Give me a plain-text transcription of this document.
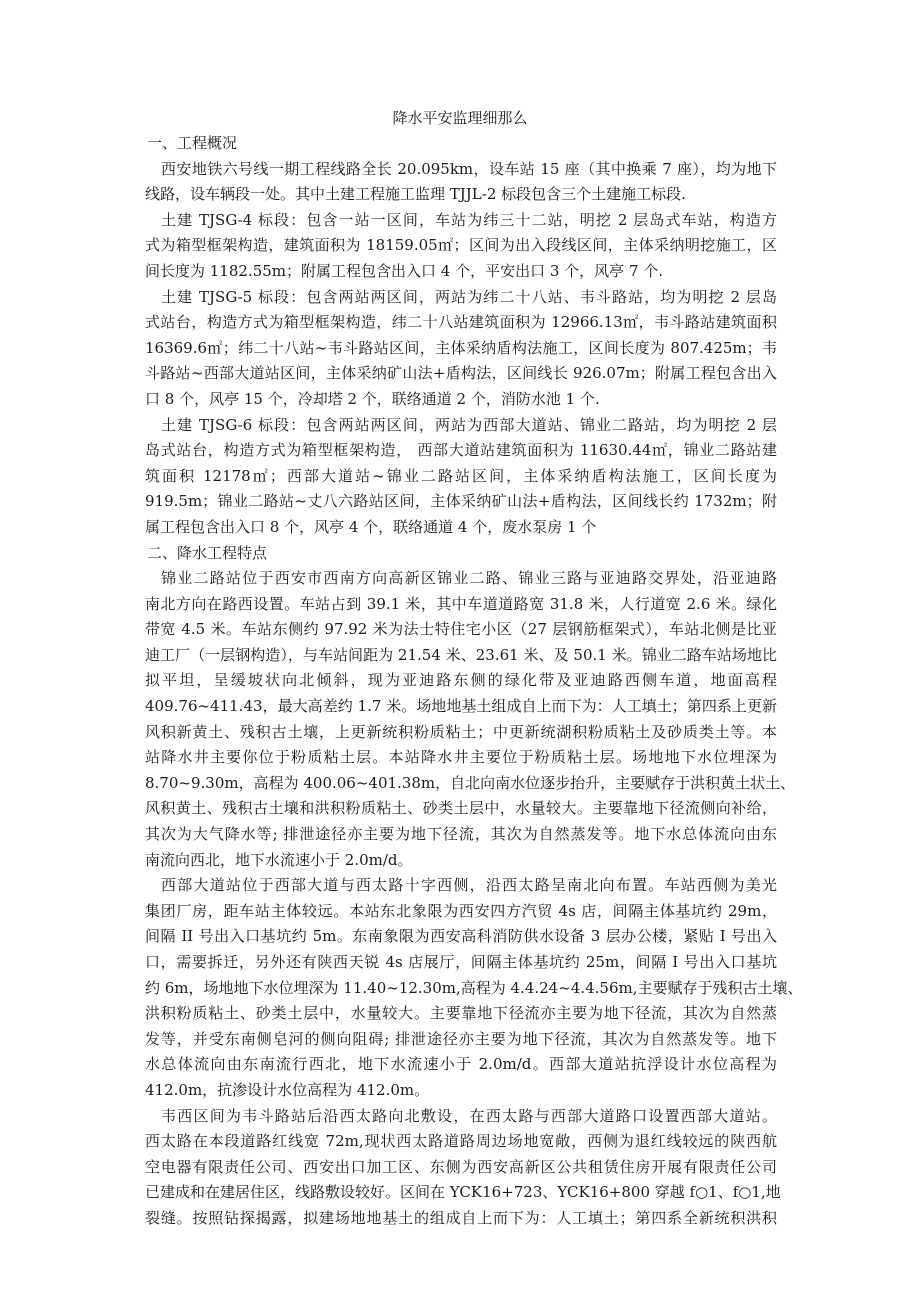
降水平安监理细那么
一、工程概况
西安地铁六号线一期工程线路全长 20.095km，设车站 15 座（其中换乘 7 座），均为地下
线路，设车辆段一处。其中土建工程施工监理 TJJL-2 标段包含三个土建施工标段.
土建 TJSG-4 标段：包含一站一区间，车站为纬三十二站，明挖 2 层岛式车站，构造方
式为箱型框架构造，建筑面积为 18159.05㎡；区间为出入段线区间，主体采纳明挖施工，区
间长度为 1182.55m；附属工程包含出入口 4 个，平安出口 3 个，风亭 7 个.
土建 TJSG-5 标段：包含两站两区间，两站为纬二十八站、韦斗路站，均为明挖 2 层岛
式站台，构造方式为箱型框架构造，纬二十八站建筑面积为 12966.13㎡，韦斗路站建筑面积
16369.6㎡；纬二十八站~韦斗路站区间，主体采纳盾构法施工，区间长度为 807.425m；韦
斗路站~西部大道站区间，主体采纳矿山法+盾构法，区间线长 926.07m；附属工程包含出入
口 8 个，风亭 15 个，冷却塔 2 个，联络通道 2 个，消防水池 1 个.
土建 TJSG-6 标段：包含两站两区间，两站为西部大道站、锦业二路站，均为明挖 2 层
岛式站台，构造方式为箱型框架构造， 西部大道站建筑面积为 11630.44㎡，锦业二路站建
筑面积 12178㎡；西部大道站~锦业二路站区间，主体采纳盾构法施工，区间长度为
919.5m；锦业二路站~丈八六路站区间，主体采纳矿山法+盾构法，区间线长约 1732m；附
属工程包含出入口 8 个，风亭 4 个，联络通道 4 个，废水泵房 1 个
二、降水工程特点
锦业二路站位于西安市西南方向高新区锦业二路、锦业三路与亚迪路交界处，沿亚迪路
南北方向在路西设置。车站占到 39.1 米，其中车道道路宽 31.8 米，人行道宽 2.6 米。绿化
带宽 4.5 米。车站东侧约 97.92 米为法士特住宅小区（27 层钢筋框架式），车站北侧是比亚
迪工厂（一层钢构造），与车站间距为 21.54 米、23.61 米、及 50.1 米。锦业二路车站场地比
拟平坦，呈缓坡状向北倾斜，现为亚迪路东侧的绿化带及亚迪路西侧车道，地面高程
409.76~411.43，最大高差约 1.7 米。场地地基土组成自上而下为：人工填土；第四系上更新
风积新黄土、残积古土壤，上更新统积粉质粘土；中更新统湖积粉质粘土及砂质类土等。本
站降水井主要你位于粉质粘土层。本站降水井主要位于粉质粘土层。场地地下水位埋深为
8.70~9.30m，高程为 400.06~401.38m，自北向南水位逐步抬升，主要赋存于洪积黄土状土、
风积黄土、残积古土壤和洪积粉质粘土、砂类土层中，水量较大。主要靠地下径流侧向补给，
其次为大气降水等; 排泄途径亦主要为地下径流，其次为自然蒸发等。地下水总体流向由东
南流向西北，地下水流速小于 2.0m/d。
西部大道站位于西部大道与西太路十字西侧，沿西太路呈南北向布置。车站西侧为美光
集团厂房，距车站主体较远。本站东北象限为西安四方汽贸 4s 店，间隔主体基坑约 29m，
间隔 II 号出入口基坑约 5m。东南象限为西安高科消防供水设备 3 层办公楼，紧贴 I 号出入
口，需要拆迁，另外还有陕西天锐 4s 店展厅，间隔主体基坑约 25m，间隔 I 号出入口基坑
约 6m，场地地下水位埋深为 11.40~12.30m,高程为 4.4.24~4.4.56m,主要赋存于残积古土壤、
洪积粉质粘土、砂类土层中，水量较大。主要靠地下径流亦主要为地下径流，其次为自然蒸
发等，并受东南侧皂河的侧向阻碍; 排泄途径亦主要为地下径流，其次为自然蒸发等。地下
水总体流向由东南流行西北，地下水流速小于 2.0m/d。西部大道站抗浮设计水位高程为
412.0m，抗渗设计水位高程为 412.0m。
韦西区间为韦斗路站后沿西太路向北敷设，在西太路与西部大道路口设置西部大道站。
西太路在本段道路红线宽 72m,现状西太路道路周边场地宽敞，西侧为退红线较远的陕西航
空电器有限责任公司、西安出口加工区、东侧为西安高新区公共租赁住房开展有限责任公司
已建成和在建居住区，线路敷设较好。区间在 YCK16+723、YCK16+800 穿越 f○1、f○1,地
裂缝。按照钻探揭露，拟建场地地基土的组成自上而下为：人工填土；第四系全新统积洪积
